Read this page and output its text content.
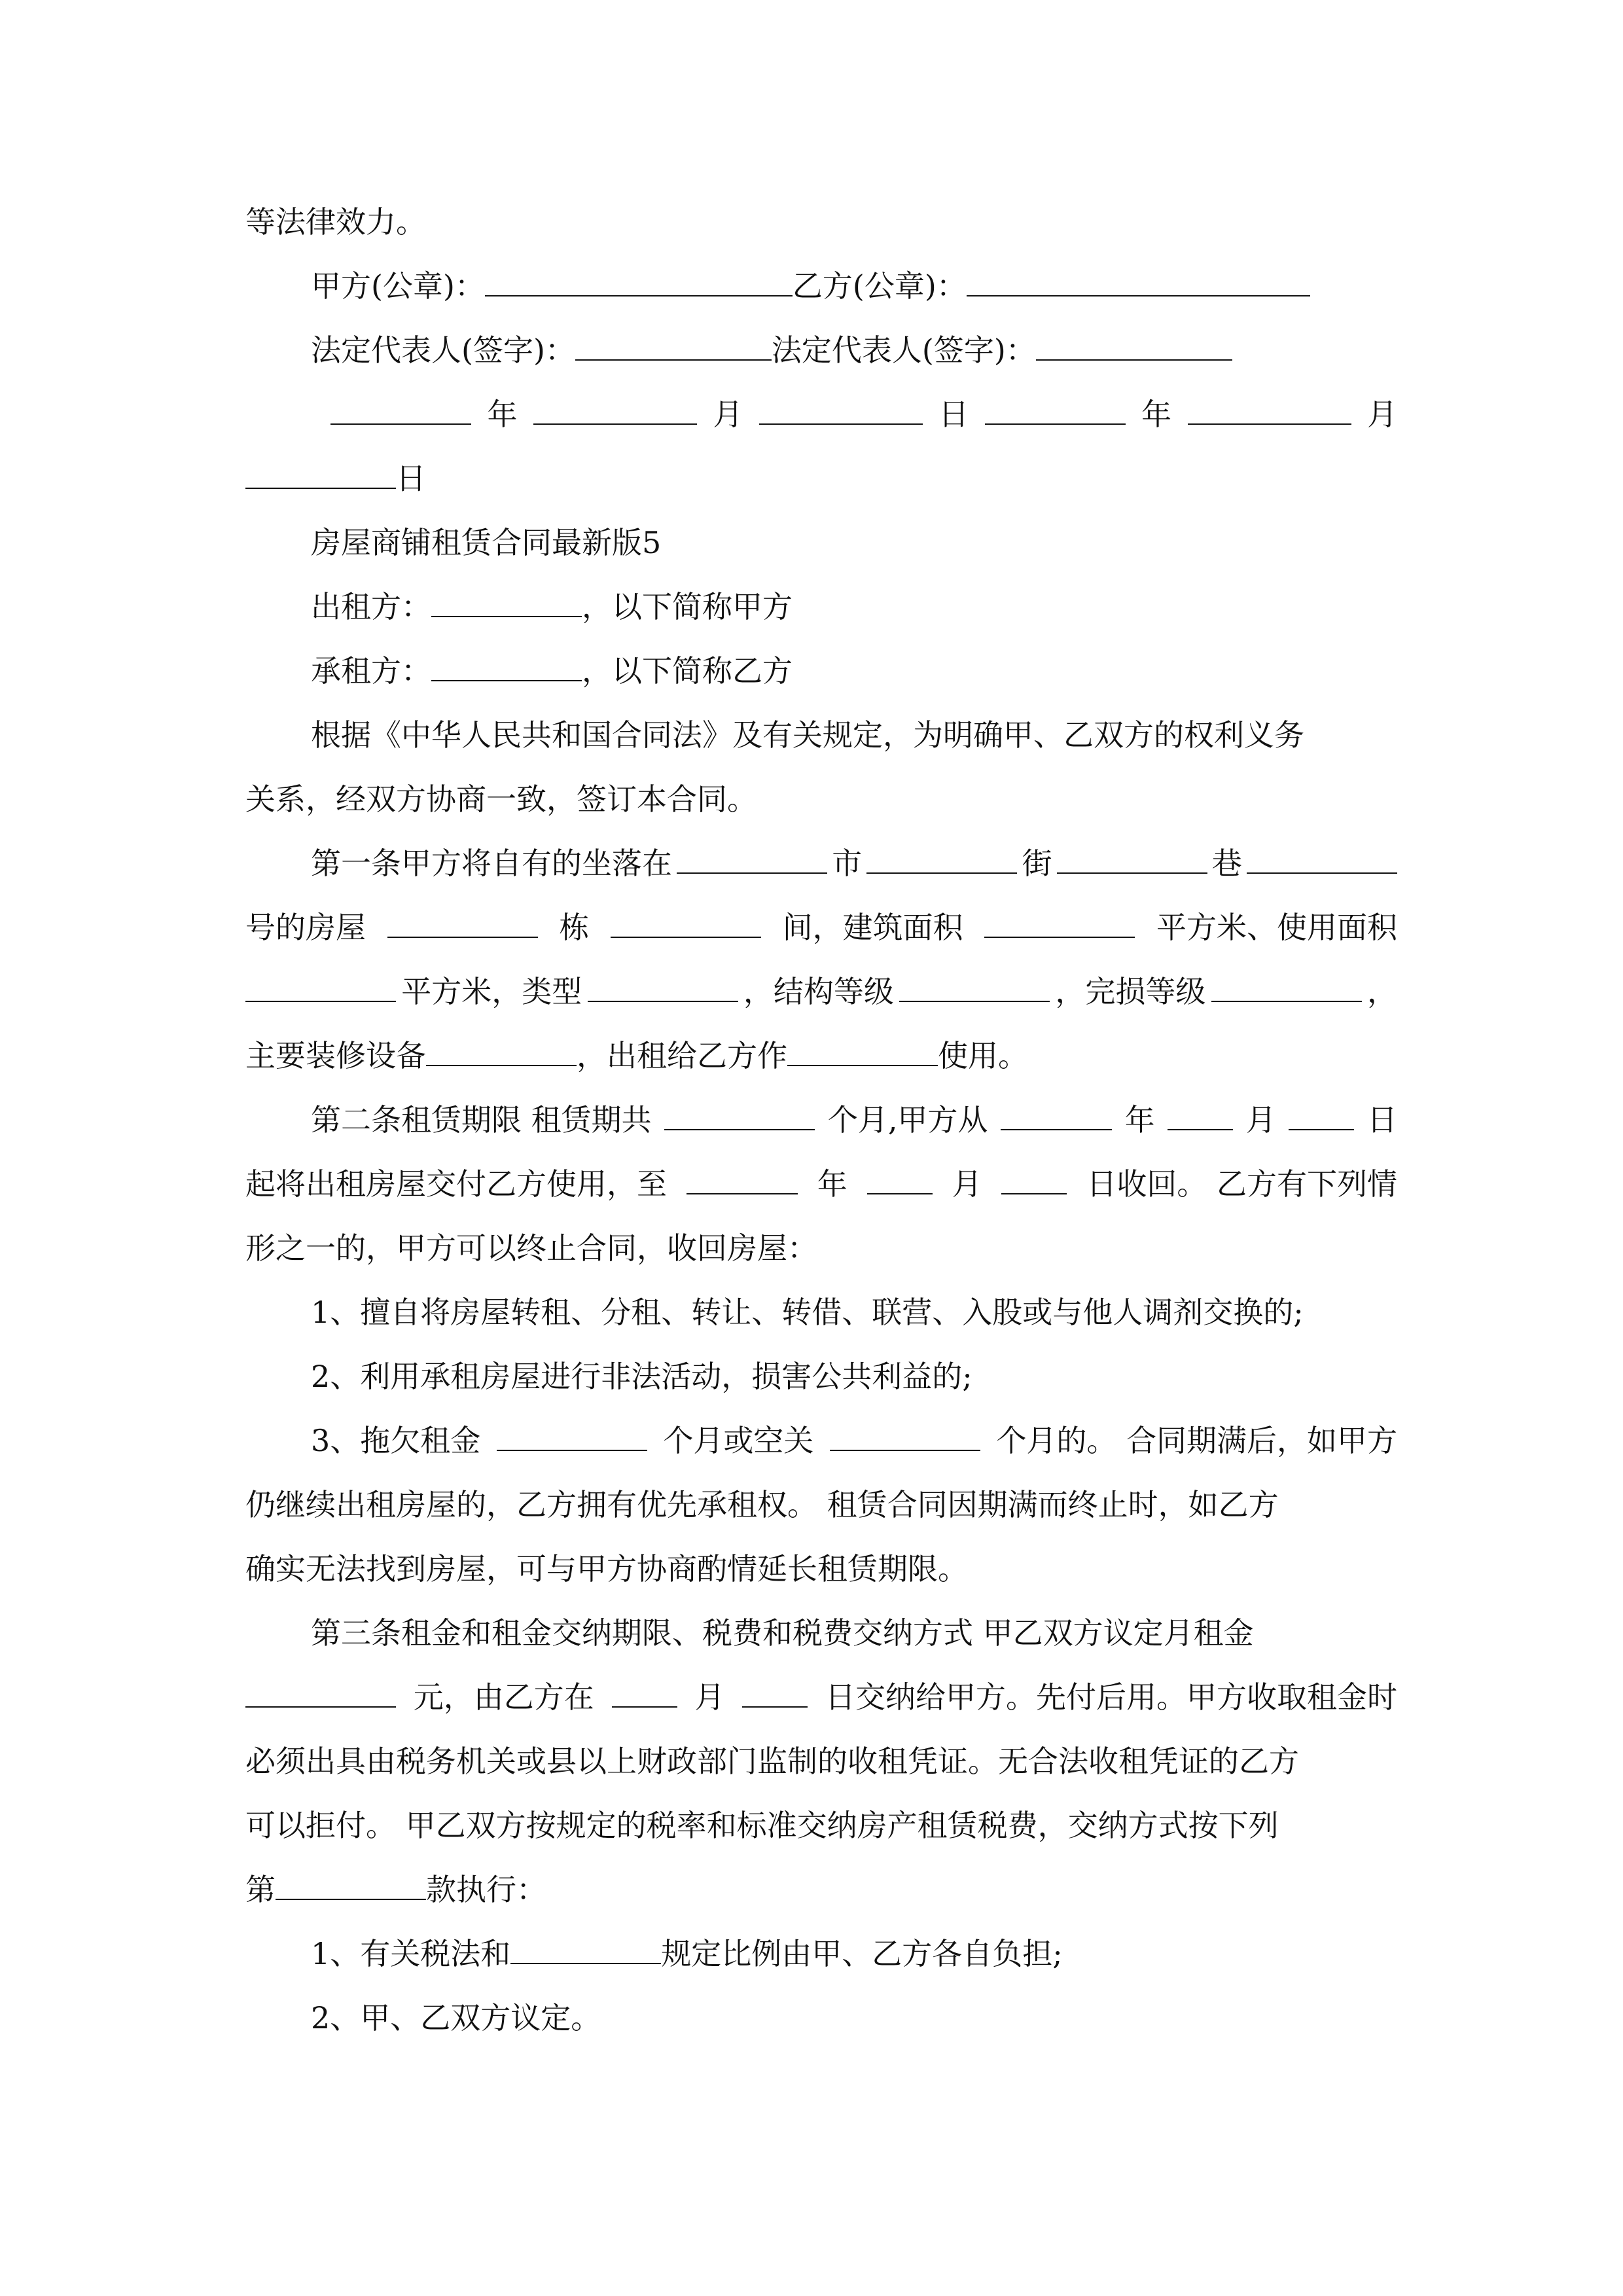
等法律效力。
甲方(公章)：	乙方(公章)：
法定代表人(签字)：	法定代表人(签字)：
年	月	日	年	月
日
房屋商铺租赁合同最新版5
出租方：	，以下简称甲方
承租方：	，以下简称乙方
根据《中华人民共和国合同法》及有关规定，为明确甲、乙双方的权利义务
关系，经双方协商一致，签订本合同。
第一条甲方将自有的坐落在	市	街	巷
号的房屋	栋	间，建筑面积	平方米、使用面积
平方米，类型	，结构等级	，完损等级	，
主要装修设备	，出租给乙方作	使用。
第二条租赁期限 租赁期共	个月,甲方从	年	月	日
起将出租房屋交付乙方使用，至	年	月	日收回。 乙方有下列情
形之一的，甲方可以终止合同，收回房屋：
1、擅自将房屋转租、分租、转让、转借、联营、入股或与他人调剂交换的;
2、利用承租房屋进行非法活动，损害公共利益的;
3、拖欠租金	个月或空关	个月的。 合同期满后，如甲方
仍继续出租房屋的，乙方拥有优先承租权。 租赁合同因期满而终止时，如乙方
确实无法找到房屋，可与甲方协商酌情延长租赁期限。
第三条租金和租金交纳期限、税费和税费交纳方式 甲乙双方议定月租金
元，由乙方在	月	日交纳给甲方。先付后用。甲方收取租金时
必须出具由税务机关或县以上财政部门监制的收租凭证。无合法收租凭证的乙方
可以拒付。 甲乙双方按规定的税率和标准交纳房产租赁税费，交纳方式按下列
第	款执行：
1、有关税法和	规定比例由甲、乙方各自负担;
2、甲、乙双方议定。
